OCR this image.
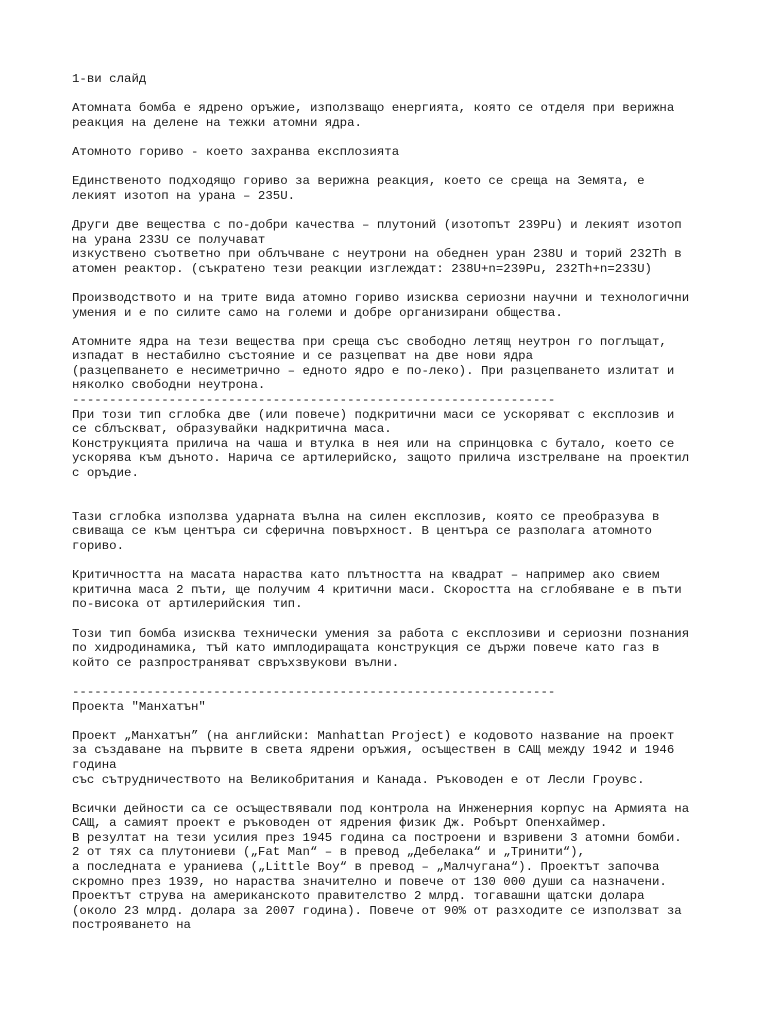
1-ви слайд
Атомната бомба е ядрено оръжие, използващо енергията, която се отделя при верижна
реакция на делене на тежки атомни ядра.
Атомното гориво - което захранва експлозията
Единственото подходящо гориво за верижна реакция, което се среща на Земята, е
лекият изотоп на урана – 235U.
Други две вещества с по-добри качества – плутоний (изотопът 239Pu) и лекият изотоп
на урана 233U се получават
изкуствено съответно при облъчване с неутрони на обеднен уран 238U и торий 232Th в
атомен реактор. (съкратено тези реакции изглеждат: 238U+n=239Pu, 232Th+n=233U)
Производството и на трите вида атомно гориво изисква сериозни научни и технологични
умения и е по силите само на големи и добре организирани общества.
Атомните ядра на тези вещества при среща със свободно летящ неутрон го поглъщат,
изпадат в нестабилно състояние и се разцепват на две нови ядра
(разцепването е несиметрично – едното ядро е по-леко). При разцепването излитат и
няколко свободни неутрона.
-----------------------------------------------------------------
При този тип сглобка две (или повече) подкритични маси се ускоряват с експлозив и
се сблъскват, образувайки надкритична маса.
Конструкцията прилича на чаша и втулка в нея или на спринцовка с бутало, което се
ускорява към дъното. Нарича се артилерийско, защото прилича изстрелване на проектил
с оръдие.
Тази сглобка използва ударната вълна на силен експлозив, която се преобразува в
свиваща се към центъра си сферична повърхност. В центъра се разполага атомното
гориво.
Критичността на масата нараства като плътността на квадрат – например ако свием
критична маса 2 пъти, ще получим 4 критични маси. Скоростта на сглобяване е в пъти
по-висока от артилерийския тип.
Този тип бомба изисква технически умения за работа с експлозиви и сериозни познания
по хидродинамика, тъй като имплодиращата конструкция се държи повече като газ в
който се разпространяват свръхзвукови вълни.
-----------------------------------------------------------------
Проекта "Манхатън"
Проект „Манхатън” (на английски: Manhattan Project) е кодовото название на проект
за създаване на първите в света ядрени оръжия, осъществен в САЩ между 1942 и 1946
година
със сътрудничеството на Великобритания и Канада. Ръководен е от Лесли Гроувс.
Всички дейности са се осъществявали под контрола на Инженерния корпус на Армията на
САЩ, а самият проект е ръководен от ядрения физик Дж. Робърт Опенхаймер.
В резултат на тези усилия през 1945 година са построени и взривени 3 атомни бомби.
2 от тях са плутониеви („Fat Man“ – в превод „Дебелака“ и „Тринити“),
а последната е ураниева („Little Boy“ в превод – „Малчугана“). Проектът започва
скромно през 1939, но нараства значително и повече от 130 000 души са назначени.
Проектът струва на американското правителство 2 млрд. тогавашни щатски долара
(около 23 млрд. долара за 2007 година). Повече от 90% от разходите се използват за
построяването на
